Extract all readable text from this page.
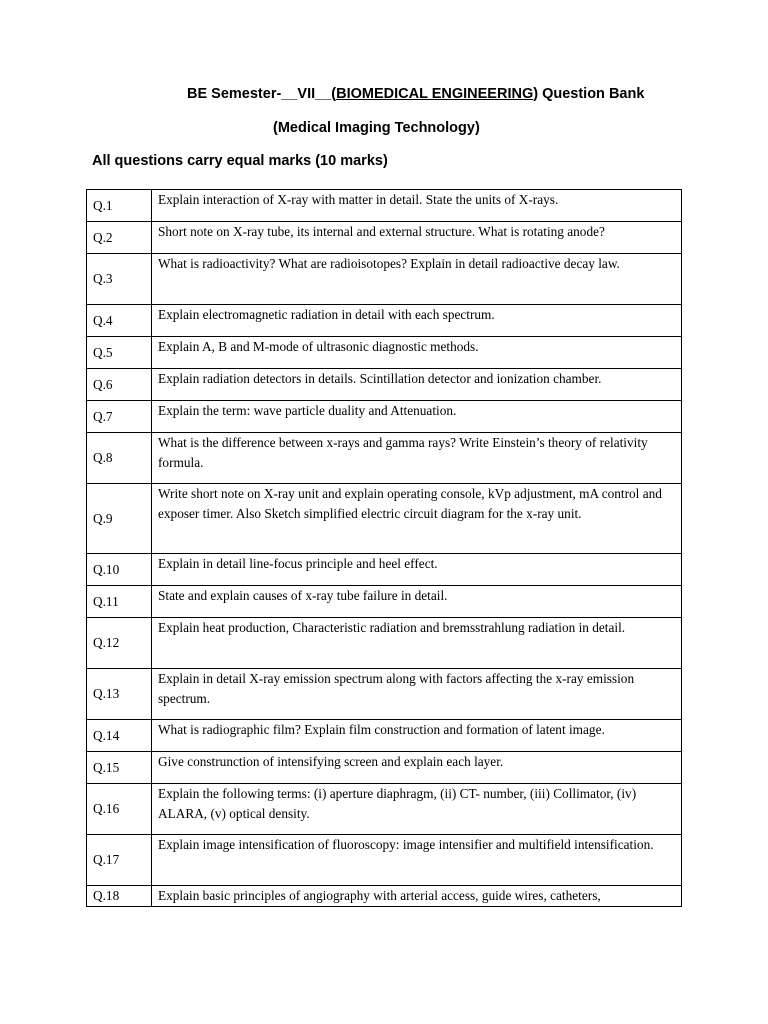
BE Semester-__VII__(BIOMEDICAL ENGINEERING) Question Bank
(Medical Imaging Technology)
All questions carry equal marks (10 marks)
Q.1	Explain interaction of X-ray with matter in detail. State the units of X-rays.
Q.2	Short note on X-ray tube, its internal and external structure. What is rotating anode?
Q.3	What is radioactivity? What are radioisotopes? Explain in detail radioactive decay law.
Q.4	Explain electromagnetic radiation in detail with each spectrum.
Q.5	Explain A, B and M-mode of ultrasonic diagnostic methods.
Q.6	Explain radiation detectors in details. Scintillation detector and ionization chamber.
Q.7	Explain the term: wave particle duality and Attenuation.
Q.8	What is the difference between x-rays and gamma rays? Write Einstein’s theory of relativity formula.
Q.9	Write short note on X-ray unit and explain operating console, kVp adjustment, mA control and exposer timer. Also Sketch simplified electric circuit diagram for the x-ray unit.
Q.10	Explain in detail line-focus principle and heel effect.
Q.11	State and explain causes of x-ray tube failure in detail.
Q.12	Explain heat production, Characteristic radiation and bremsstrahlung radiation in detail.
Q.13	Explain in detail X-ray emission spectrum along with factors affecting the x-ray emission spectrum.
Q.14	What is radiographic film? Explain film construction and formation of latent image.
Q.15	Give construnction of intensifying screen and explain each layer.
Q.16	Explain the following terms: (i) aperture diaphragm, (ii) CT- number, (iii) Collimator, (iv) ALARA, (v) optical density.
Q.17	Explain image intensification of fluoroscopy: image intensifier and multifield intensification.
Q.18	Explain basic principles of angiography with arterial access, guide wires, catheters,
